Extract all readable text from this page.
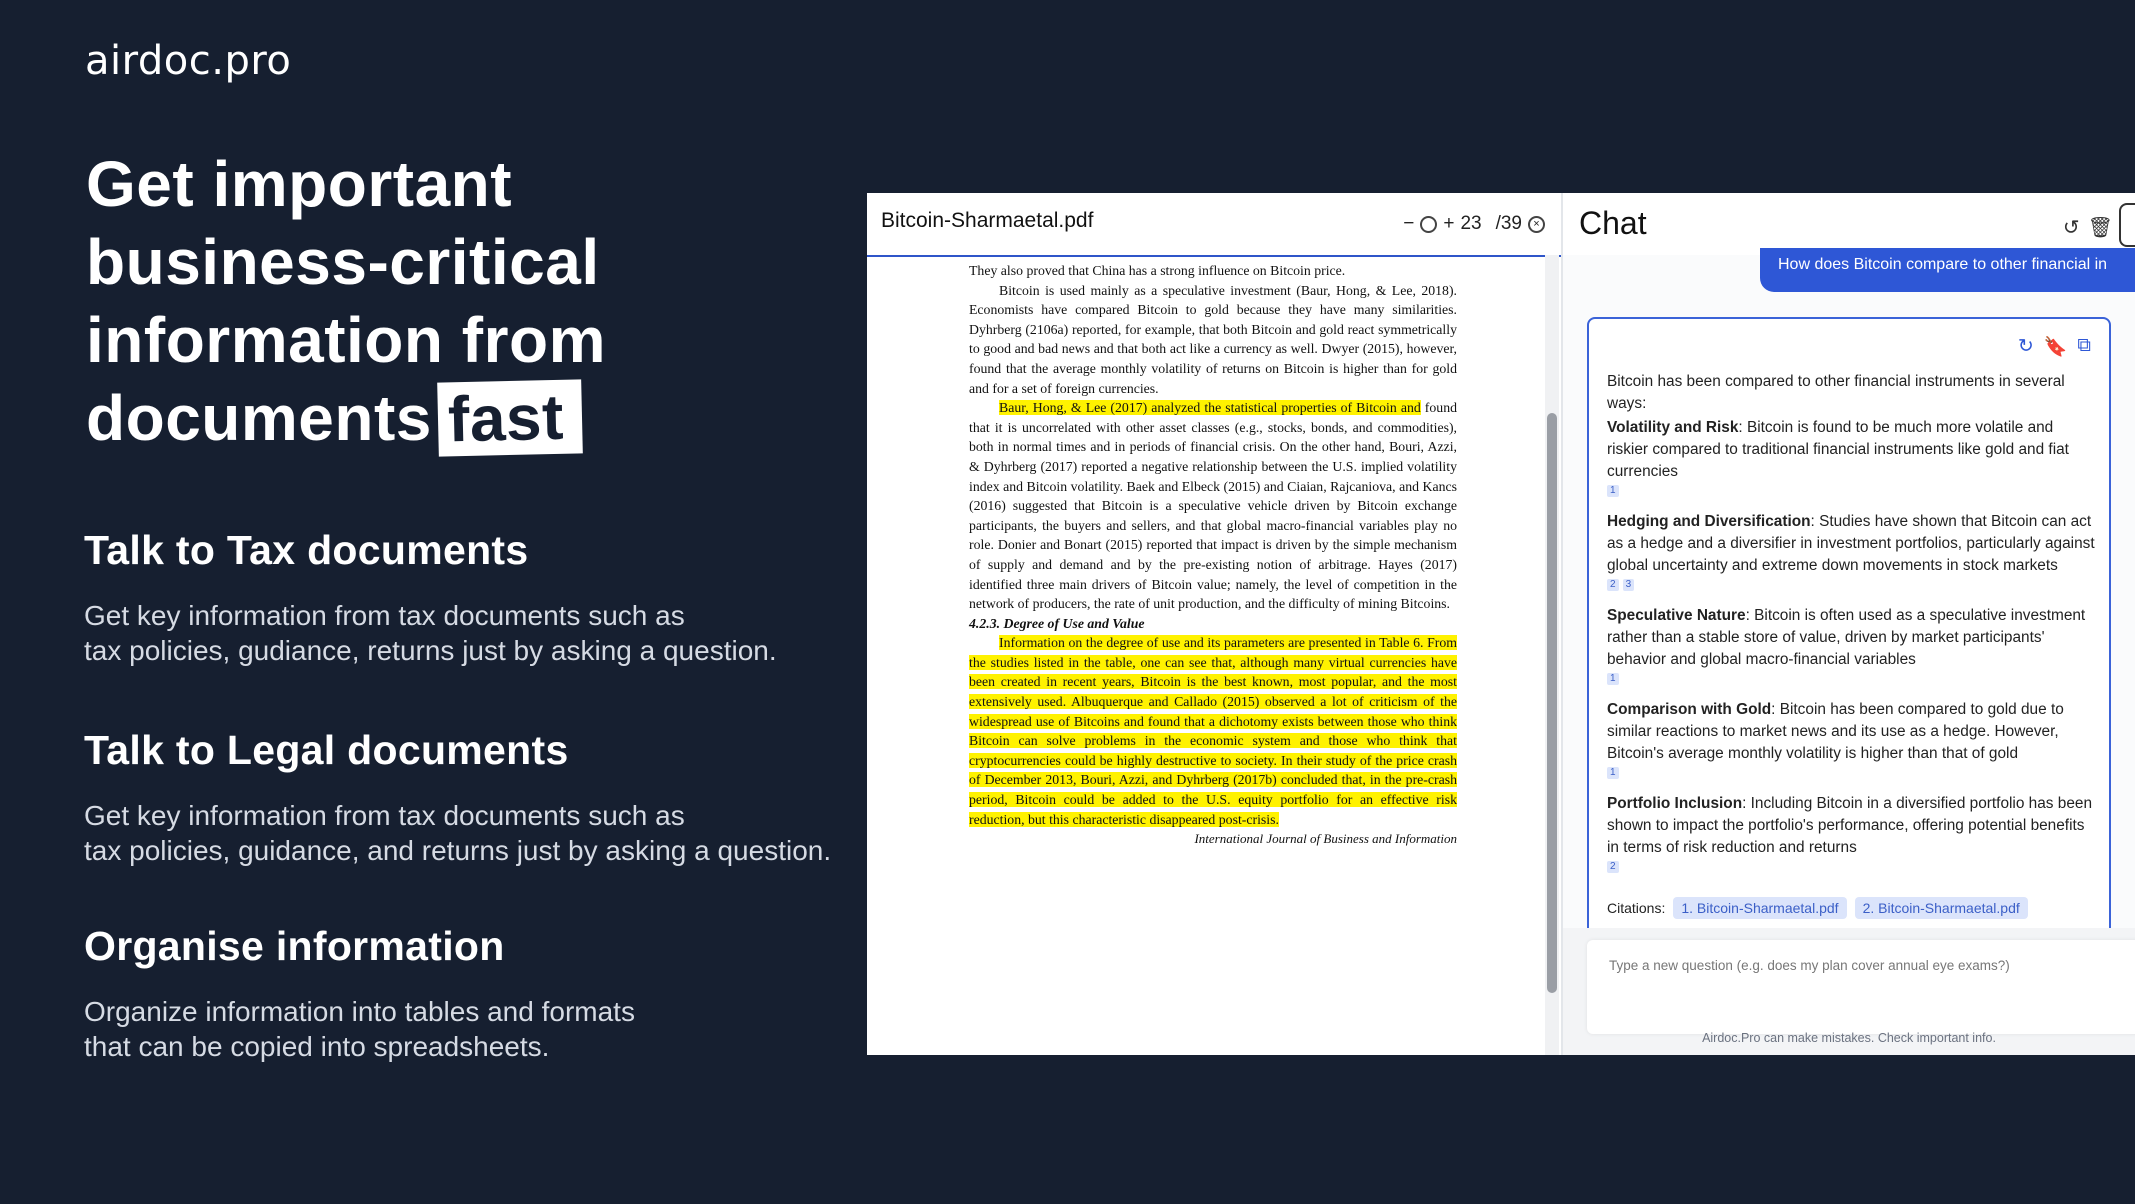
airdoc.pro
Get important
business-critical
information from
documents fast
Talk to Tax documents

Get key information from tax documents such as
tax policies, gudiance, returns just by asking a question.

Talk to Legal documents

Get key information from tax documents such as
tax policies, guidance, and returns just by asking a question.

Organise information

Organize information into tables and formats
that can be copied into spreadsheets.

Bitcoin-Sharmaetal.pdf	− + 23 /39	×

They also proved that China has a strong influence on Bitcoin price.

Bitcoin is used mainly as a speculative investment (Baur, Hong, & Lee, 2018). Economists have compared Bitcoin to gold because they have many similarities. Dyhrberg (2106a) reported, for example, that both Bitcoin and gold react symmetrically to good and bad news and that both act like a currency as well. Dwyer (2015), however, found that the average monthly volatility of returns on Bitcoin is higher than for gold and for a set of foreign currencies.

Baur, Hong, & Lee (2017) analyzed the statistical properties of Bitcoin and found that it is uncorrelated with other asset classes (e.g., stocks, bonds, and commodities), both in normal times and in periods of financial crisis. On the other hand, Bouri, Azzi, & Dyhrberg (2017) reported a negative relationship between the U.S. implied volatility index and Bitcoin volatility. Baek and Elbeck (2015) and Ciaian, Rajcaniova, and Kancs (2016) suggested that Bitcoin is a speculative vehicle driven by Bitcoin exchange participants, the buyers and sellers, and that global macro-financial variables play no role. Donier and Bonart (2015) reported that impact is driven by the simple mechanism of supply and demand and by the pre-existing notion of arbitrage. Hayes (2017) identified three main drivers of Bitcoin value; namely, the level of competition in the network of producers, the rate of unit production, and the difficulty of mining Bitcoins.

4.2.3. Degree of Use and Value

Information on the degree of use and its parameters are presented in Table 6. From the studies listed in the table, one can see that, although many virtual currencies have been created in recent years, Bitcoin is the best known, most popular, and the most extensively used. Albuquerque and Callado (2015) observed a lot of criticism of the widespread use of Bitcoins and found that a dichotomy exists between those who think Bitcoin can solve problems in the economic system and those who think that cryptocurrencies could be highly destructive to society. In their study of the price crash of December 2013, Bouri, Azzi, and Dyhrberg (2017b) concluded that, in the pre-crash period, Bitcoin could be added to the U.S. equity portfolio for an effective risk reduction, but this characteristic disappeared post-crisis.

International Journal of Business and Information

Chat	↺ 🗑
How does Bitcoin compare to other financial in
↻ 🔖 ⧉

Bitcoin has been compared to other financial instruments in several ways:

Volatility and Risk: Bitcoin is found to be much more volatile and riskier compared to traditional financial instruments like gold and fiat currencies

1

Hedging and Diversification: Studies have shown that Bitcoin can act as a hedge and a diversifier in investment portfolios, particularly against global uncertainty and extreme down movements in stock markets

2 3

Speculative Nature: Bitcoin is often used as a speculative investment rather than a stable store of value, driven by market participants' behavior and global macro-financial variables

1

Comparison with Gold: Bitcoin has been compared to gold due to similar reactions to market news and its use as a hedge. However, Bitcoin's average monthly volatility is higher than that of gold

1

Portfolio Inclusion: Including Bitcoin in a diversified portfolio has been shown to impact the portfolio's performance, offering potential benefits in terms of risk reduction and returns

2
Citations:	1. Bitcoin-Sharmaetal.pdf	2. Bitcoin-Sharmaetal.pdf
Type a new question (e.g. does my plan cover annual eye exams?)
Airdoc.Pro can make mistakes. Check important info.
